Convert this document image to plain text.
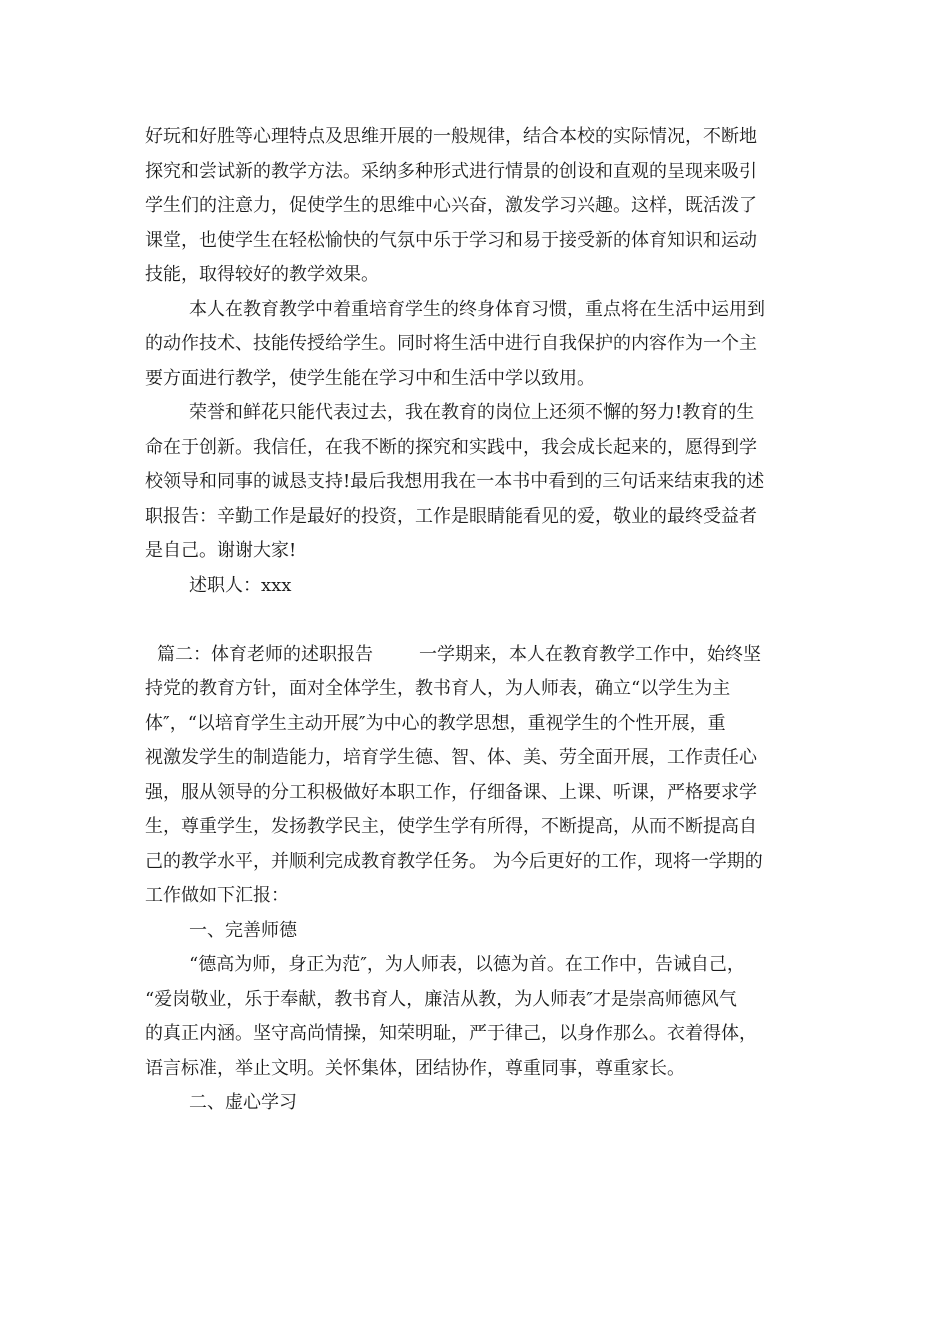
好玩和好胜等心理特点及思维开展的一般规律，结合本校的实际情况，不断地
探究和尝试新的教学方法。采纳多种形式进行情景的创设和直观的呈现来吸引
学生们的注意力，促使学生的思维中心兴奋，激发学习兴趣。这样，既活泼了
课堂，也使学生在轻松愉快的气氛中乐于学习和易于接受新的体育知识和运动
技能，取得较好的教学效果。
本人在教育教学中着重培育学生的终身体育习惯，重点将在生活中运用到
的动作技术、技能传授给学生。同时将生活中进行自我保护的内容作为一个主
要方面进行教学，使学生能在学习中和生活中学以致用。
荣誉和鲜花只能代表过去，我在教育的岗位上还须不懈的努力!教育的生
命在于创新。我信任，在我不断的探究和实践中，我会成长起来的，愿得到学
校领导和同事的诚恳支持!最后我想用我在一本书中看到的三句话来结束我的述
职报告：辛勤工作是最好的投资，工作是眼睛能看见的爱，敬业的最终受益者
是自己。谢谢大家!
述职人：xxx
篇二：体育老师的述职报告	一学期来，本人在教育教学工作中，始终坚
持党的教育方针，面对全体学生，教书育人，为人师表，确立“以学生为主
体″，“以培育学生主动开展″为中心的教学思想，重视学生的个性开展，重
视激发学生的制造能力，培育学生德、智、体、美、劳全面开展，工作责任心
强，服从领导的分工积极做好本职工作，仔细备课、上课、听课，严格要求学
生，尊重学生，发扬教学民主，使学生学有所得，不断提高，从而不断提高自
己的教学水平，并顺利完成教育教学任务。 为今后更好的工作，现将一学期的
工作做如下汇报：
一、完善师德
“德高为师，身正为范″，为人师表，以德为首。在工作中，告诫自己，
“爱岗敬业，乐于奉献，教书育人，廉洁从教，为人师表″才是崇高师德风气
的真正内涵。坚守高尚情操，知荣明耻，严于律己，以身作那么。衣着得体，
语言标准，举止文明。关怀集体，团结协作，尊重同事，尊重家长。
二、虚心学习
